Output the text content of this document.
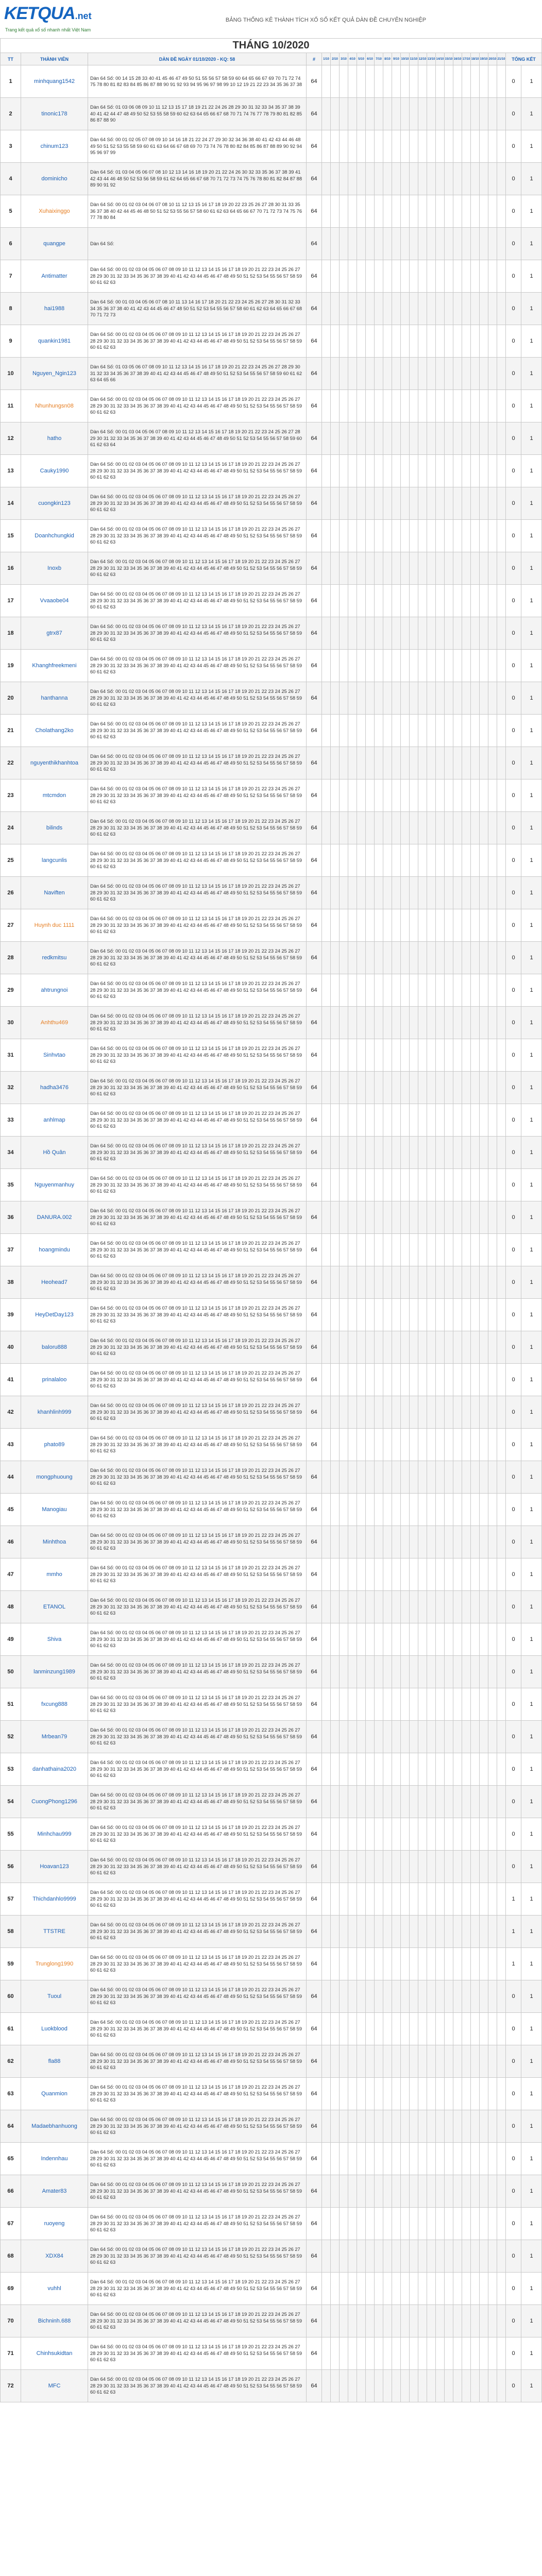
KETQUA.net
Trang kết quả xổ số nhanh nhất Việt Nam
BẢNG THỐNG KÊ THÀNH TÍCH XỔ SỐ KẾT QUẢ DÀN ĐỀ CHUYÊN NGHIỆP
THÁNG 10/2020																										
TT	THÀNH VIÊN	DÀN ĐỀ NGÀY 01/10/2020 - KQ: 58	#	1/10	2/10	3/10	4/10	5/10	6/10	7/10	8/10	9/10	10/10	11/10	12/10	13/10	14/10	15/10	16/10	17/10	18/10	19/10	20/10	21/10	TỔNG KẾT	
1	minhquang1542	Dàn 64 Số: 00 14 15 28 33 40 41 45 46 47 49 50 51 55 56 57 58 59 60 64 65 66 67 69 70 71 72 74 75 78 80 81 82 83 84 85 86 87 88 90 91 92 93 94 95 96 97 98 99 10 12 19 21 22 23 34 35 36 37 38	64																						0	1
2	tinonic178	Dàn 64 Số: 01 03 06 08 09 10 11 12 13 15 17 18 19 21 22 24 26 28 29 30 31 32 33 34 35 37 38 39 40 41 42 44 47 48 49 50 52 53 55 58 59 60 62 63 64 65 66 67 68 70 71 74 76 77 78 79 80 81 82 85 86 87 88 90	64																						0	1
3	chinum123	Dàn 64 Số: 00 01 02 05 07 08 09 10 14 16 18 21 22 24 27 29 30 32 34 36 38 40 41 42 43 44 46 48 49 50 51 52 53 55 58 59 60 61 63 64 66 67 68 69 70 73 74 76 78 80 82 84 85 86 87 88 89 90 92 94 95 96 97 99	64																						0	1
4	dominicho	Dàn 64 Số: 01 03 04 05 06 07 08 10 12 13 14 16 18 19 20 21 22 24 26 30 32 33 35 36 37 38 39 41 42 43 44 46 48 50 52 53 56 58 59 61 62 64 65 66 67 68 70 71 72 73 74 75 76 78 80 81 82 84 87 88 89 90 91 92	64																						0	1
5	Xuhaixinggo	Dàn 64 Số: 00 01 02 03 04 06 07 08 10 11 12 13 15 16 17 18 19 20 22 23 25 26 27 28 30 31 33 35 36 37 38 40 42 44 45 46 48 50 51 52 53 55 56 57 58 60 61 62 63 64 65 66 67 70 71 72 73 74 75 76 77 78 80 84	64																						0	1
6	quangpe	Dàn 64 Số:	64																						0	1
7	Antimatter	Dàn 64 Số: 00 01 02 03 04 05 06 07 08 09 10 11 12 13 14 15 16 17 18 19 20 21 22 23 24 25 26 27 28 29 30 31 32 33 34 35 36 37 38 39 40 41 42 43 44 45 46 47 48 49 50 51 52 53 54 55 56 57 58 59 60 61 62 63	64																						0	1
8	hai1988	Dàn 64 Số: 00 01 03 04 05 06 07 08 10 11 13 14 16 17 18 20 21 22 23 24 25 26 27 28 30 31 32 33 34 35 36 37 38 40 41 42 43 44 45 46 47 48 50 51 52 53 54 55 56 57 58 60 61 62 63 64 65 66 67 68 70 71 72 73	64																						0	1
9	quankin1981	Dàn 64 Số: 00 01 02 03 04 05 06 07 08 09 10 11 12 13 14 15 16 17 18 19 20 21 22 23 24 25 26 27 28 29 30 31 32 33 34 35 36 37 38 39 40 41 42 43 44 45 46 47 48 49 50 51 52 53 54 55 56 57 58 59 60 61 62 63	64																						0	1
10	Nguyen_Ngin123	Dàn 64 Số: 01 03 05 06 07 08 09 10 11 12 13 14 15 16 17 18 19 20 21 22 23 24 25 26 27 28 29 30 31 32 33 34 35 36 37 38 39 40 41 42 43 44 45 46 47 48 49 50 51 52 53 54 55 56 57 58 59 60 61 62 63 64 65 66	64																						0	1
11	Nhunhungsn08	Dàn 64 Số: 00 01 02 03 04 05 06 07 08 09 10 11 12 13 14 15 16 17 18 19 20 21 22 23 24 25 26 27 28 29 30 31 32 33 34 35 36 37 38 39 40 41 42 43 44 45 46 47 48 49 50 51 52 53 54 55 56 57 58 59 60 61 62 63	64																						0	1
12	hatho	Dàn 64 Số: 00 01 03 04 05 06 07 08 09 10 11 12 13 14 15 16 17 18 19 20 21 22 23 24 25 26 27 28 29 30 31 32 33 34 35 36 37 38 39 40 41 42 43 44 45 46 47 48 49 50 51 52 53 54 55 56 57 58 59 60 61 62 63 64	64																						0	1
13	Cauky1990	Dàn 64 Số: 00 01 02 03 04 05 06 07 08 09 10 11 12 13 14 15 16 17 18 19 20 21 22 23 24 25 26 27 28 29 30 31 32 33 34 35 36 37 38 39 40 41 42 43 44 45 46 47 48 49 50 51 52 53 54 55 56 57 58 59 60 61 62 63	64																						0	1
14	cuongkin123	Dàn 64 Số: 00 01 02 03 04 05 06 07 08 09 10 11 12 13 14 15 16 17 18 19 20 21 22 23 24 25 26 27 28 29 30 31 32 33 34 35 36 37 38 39 40 41 42 43 44 45 46 47 48 49 50 51 52 53 54 55 56 57 58 59 60 61 62 63	64																						0	1
15	Doanhchungkid	Dàn 64 Số: 00 01 02 03 04 05 06 07 08 09 10 11 12 13 14 15 16 17 18 19 20 21 22 23 24 25 26 27 28 29 30 31 32 33 34 35 36 37 38 39 40 41 42 43 44 45 46 47 48 49 50 51 52 53 54 55 56 57 58 59 60 61 62 63	64																						0	1
16	Inoxb	Dàn 64 Số: 00 01 02 03 04 05 06 07 08 09 10 11 12 13 14 15 16 17 18 19 20 21 22 23 24 25 26 27 28 29 30 31 32 33 34 35 36 37 38 39 40 41 42 43 44 45 46 47 48 49 50 51 52 53 54 55 56 57 58 59 60 61 62 63	64																						0	1
17	Vvaaobe04	Dàn 64 Số: 00 01 02 03 04 05 06 07 08 09 10 11 12 13 14 15 16 17 18 19 20 21 22 23 24 25 26 27 28 29 30 31 32 33 34 35 36 37 38 39 40 41 42 43 44 45 46 47 48 49 50 51 52 53 54 55 56 57 58 59 60 61 62 63	64																						0	1
18	gtrx87	Dàn 64 Số: 00 01 02 03 04 05 06 07 08 09 10 11 12 13 14 15 16 17 18 19 20 21 22 23 24 25 26 27 28 29 30 31 32 33 34 35 36 37 38 39 40 41 42 43 44 45 46 47 48 49 50 51 52 53 54 55 56 57 58 59 60 61 62 63	64																						0	1
19	Khanghfreekmeni	Dàn 64 Số: 00 01 02 03 04 05 06 07 08 09 10 11 12 13 14 15 16 17 18 19 20 21 22 23 24 25 26 27 28 29 30 31 32 33 34 35 36 37 38 39 40 41 42 43 44 45 46 47 48 49 50 51 52 53 54 55 56 57 58 59 60 61 62 63	64																						0	1
20	hanthanna	Dàn 64 Số: 00 01 02 03 04 05 06 07 08 09 10 11 12 13 14 15 16 17 18 19 20 21 22 23 24 25 26 27 28 29 30 31 32 33 34 35 36 37 38 39 40 41 42 43 44 45 46 47 48 49 50 51 52 53 54 55 56 57 58 59 60 61 62 63	64																						0	1
21	Cholathang2ko	Dàn 64 Số: 00 01 02 03 04 05 06 07 08 09 10 11 12 13 14 15 16 17 18 19 20 21 22 23 24 25 26 27 28 29 30 31 32 33 34 35 36 37 38 39 40 41 42 43 44 45 46 47 48 49 50 51 52 53 54 55 56 57 58 59 60 61 62 63	64																						0	1
22	nguyenthikhanhtoa	Dàn 64 Số: 00 01 02 03 04 05 06 07 08 09 10 11 12 13 14 15 16 17 18 19 20 21 22 23 24 25 26 27 28 29 30 31 32 33 34 35 36 37 38 39 40 41 42 43 44 45 46 47 48 49 50 51 52 53 54 55 56 57 58 59 60 61 62 63	64																						0	1
23	mtcmdon	Dàn 64 Số: 00 01 02 03 04 05 06 07 08 09 10 11 12 13 14 15 16 17 18 19 20 21 22 23 24 25 26 27 28 29 30 31 32 33 34 35 36 37 38 39 40 41 42 43 44 45 46 47 48 49 50 51 52 53 54 55 56 57 58 59 60 61 62 63	64																						0	1
24	bilinds	Dàn 64 Số: 00 01 02 03 04 05 06 07 08 09 10 11 12 13 14 15 16 17 18 19 20 21 22 23 24 25 26 27 28 29 30 31 32 33 34 35 36 37 38 39 40 41 42 43 44 45 46 47 48 49 50 51 52 53 54 55 56 57 58 59 60 61 62 63	64																						0	1
25	langcunlis	Dàn 64 Số: 00 01 02 03 04 05 06 07 08 09 10 11 12 13 14 15 16 17 18 19 20 21 22 23 24 25 26 27 28 29 30 31 32 33 34 35 36 37 38 39 40 41 42 43 44 45 46 47 48 49 50 51 52 53 54 55 56 57 58 59 60 61 62 63	64																						0	1
26	Naviften	Dàn 64 Số: 00 01 02 03 04 05 06 07 08 09 10 11 12 13 14 15 16 17 18 19 20 21 22 23 24 25 26 27 28 29 30 31 32 33 34 35 36 37 38 39 40 41 42 43 44 45 46 47 48 49 50 51 52 53 54 55 56 57 58 59 60 61 62 63	64																						0	1
27	Huynh duc 1111	Dàn 64 Số: 00 01 02 03 04 05 06 07 08 09 10 11 12 13 14 15 16 17 18 19 20 21 22 23 24 25 26 27 28 29 30 31 32 33 34 35 36 37 38 39 40 41 42 43 44 45 46 47 48 49 50 51 52 53 54 55 56 57 58 59 60 61 62 63	64																						0	1
28	redkmitsu	Dàn 64 Số: 00 01 02 03 04 05 06 07 08 09 10 11 12 13 14 15 16 17 18 19 20 21 22 23 24 25 26 27 28 29 30 31 32 33 34 35 36 37 38 39 40 41 42 43 44 45 46 47 48 49 50 51 52 53 54 55 56 57 58 59 60 61 62 63	64																						0	1
29	ahtrungnoi	Dàn 64 Số: 00 01 02 03 04 05 06 07 08 09 10 11 12 13 14 15 16 17 18 19 20 21 22 23 24 25 26 27 28 29 30 31 32 33 34 35 36 37 38 39 40 41 42 43 44 45 46 47 48 49 50 51 52 53 54 55 56 57 58 59 60 61 62 63	64																						0	1
30	Anhthu469	Dàn 64 Số: 00 01 02 03 04 05 06 07 08 09 10 11 12 13 14 15 16 17 18 19 20 21 22 23 24 25 26 27 28 29 30 31 32 33 34 35 36 37 38 39 40 41 42 43 44 45 46 47 48 49 50 51 52 53 54 55 56 57 58 59 60 61 62 63	64																						0	1
31	Sinhvtao	Dàn 64 Số: 00 01 02 03 04 05 06 07 08 09 10 11 12 13 14 15 16 17 18 19 20 21 22 23 24 25 26 27 28 29 30 31 32 33 34 35 36 37 38 39 40 41 42 43 44 45 46 47 48 49 50 51 52 53 54 55 56 57 58 59 60 61 62 63	64																						0	1
32	hadha3476	Dàn 64 Số: 00 01 02 03 04 05 06 07 08 09 10 11 12 13 14 15 16 17 18 19 20 21 22 23 24 25 26 27 28 29 30 31 32 33 34 35 36 37 38 39 40 41 42 43 44 45 46 47 48 49 50 51 52 53 54 55 56 57 58 59 60 61 62 63	64																						0	1
33	anhlmap	Dàn 64 Số: 00 01 02 03 04 05 06 07 08 09 10 11 12 13 14 15 16 17 18 19 20 21 22 23 24 25 26 27 28 29 30 31 32 33 34 35 36 37 38 39 40 41 42 43 44 45 46 47 48 49 50 51 52 53 54 55 56 57 58 59 60 61 62 63	64																						0	1
34	Hồ Quân	Dàn 64 Số: 00 01 02 03 04 05 06 07 08 09 10 11 12 13 14 15 16 17 18 19 20 21 22 23 24 25 26 27 28 29 30 31 32 33 34 35 36 37 38 39 40 41 42 43 44 45 46 47 48 49 50 51 52 53 54 55 56 57 58 59 60 61 62 63	64																						0	1
35	Nguyenmanhuy	Dàn 64 Số: 00 01 02 03 04 05 06 07 08 09 10 11 12 13 14 15 16 17 18 19 20 21 22 23 24 25 26 27 28 29 30 31 32 33 34 35 36 37 38 39 40 41 42 43 44 45 46 47 48 49 50 51 52 53 54 55 56 57 58 59 60 61 62 63	64																						0	1
36	DANURA.002	Dàn 64 Số: 00 01 02 03 04 05 06 07 08 09 10 11 12 13 14 15 16 17 18 19 20 21 22 23 24 25 26 27 28 29 30 31 32 33 34 35 36 37 38 39 40 41 42 43 44 45 46 47 48 49 50 51 52 53 54 55 56 57 58 59 60 61 62 63	64																						0	1
37	hoangmindu	Dàn 64 Số: 00 01 02 03 04 05 06 07 08 09 10 11 12 13 14 15 16 17 18 19 20 21 22 23 24 25 26 27 28 29 30 31 32 33 34 35 36 37 38 39 40 41 42 43 44 45 46 47 48 49 50 51 52 53 54 55 56 57 58 59 60 61 62 63	64																						0	1
38	Heohead7	Dàn 64 Số: 00 01 02 03 04 05 06 07 08 09 10 11 12 13 14 15 16 17 18 19 20 21 22 23 24 25 26 27 28 29 30 31 32 33 34 35 36 37 38 39 40 41 42 43 44 45 46 47 48 49 50 51 52 53 54 55 56 57 58 59 60 61 62 63	64																						0	1
39	HeyDetDay123	Dàn 64 Số: 00 01 02 03 04 05 06 07 08 09 10 11 12 13 14 15 16 17 18 19 20 21 22 23 24 25 26 27 28 29 30 31 32 33 34 35 36 37 38 39 40 41 42 43 44 45 46 47 48 49 50 51 52 53 54 55 56 57 58 59 60 61 62 63	64																						0	1
40	baloru888	Dàn 64 Số: 00 01 02 03 04 05 06 07 08 09 10 11 12 13 14 15 16 17 18 19 20 21 22 23 24 25 26 27 28 29 30 31 32 33 34 35 36 37 38 39 40 41 42 43 44 45 46 47 48 49 50 51 52 53 54 55 56 57 58 59 60 61 62 63	64																						0	1
41	prinalaloo	Dàn 64 Số: 00 01 02 03 04 05 06 07 08 09 10 11 12 13 14 15 16 17 18 19 20 21 22 23 24 25 26 27 28 29 30 31 32 33 34 35 36 37 38 39 40 41 42 43 44 45 46 47 48 49 50 51 52 53 54 55 56 57 58 59 60 61 62 63	64																						0	1
42	khanhlinh999	Dàn 64 Số: 00 01 02 03 04 05 06 07 08 09 10 11 12 13 14 15 16 17 18 19 20 21 22 23 24 25 26 27 28 29 30 31 32 33 34 35 36 37 38 39 40 41 42 43 44 45 46 47 48 49 50 51 52 53 54 55 56 57 58 59 60 61 62 63	64																						0	1
43	phato89	Dàn 64 Số: 00 01 02 03 04 05 06 07 08 09 10 11 12 13 14 15 16 17 18 19 20 21 22 23 24 25 26 27 28 29 30 31 32 33 34 35 36 37 38 39 40 41 42 43 44 45 46 47 48 49 50 51 52 53 54 55 56 57 58 59 60 61 62 63	64																						0	1
44	mongphuoung	Dàn 64 Số: 00 01 02 03 04 05 06 07 08 09 10 11 12 13 14 15 16 17 18 19 20 21 22 23 24 25 26 27 28 29 30 31 32 33 34 35 36 37 38 39 40 41 42 43 44 45 46 47 48 49 50 51 52 53 54 55 56 57 58 59 60 61 62 63	64																						0	1
45	Manogiau	Dàn 64 Số: 00 01 02 03 04 05 06 07 08 09 10 11 12 13 14 15 16 17 18 19 20 21 22 23 24 25 26 27 28 29 30 31 32 33 34 35 36 37 38 39 40 41 42 43 44 45 46 47 48 49 50 51 52 53 54 55 56 57 58 59 60 61 62 63	64																						0	1
46	Minhthoa	Dàn 64 Số: 00 01 02 03 04 05 06 07 08 09 10 11 12 13 14 15 16 17 18 19 20 21 22 23 24 25 26 27 28 29 30 31 32 33 34 35 36 37 38 39 40 41 42 43 44 45 46 47 48 49 50 51 52 53 54 55 56 57 58 59 60 61 62 63	64																						0	1
47	mmho	Dàn 64 Số: 00 01 02 03 04 05 06 07 08 09 10 11 12 13 14 15 16 17 18 19 20 21 22 23 24 25 26 27 28 29 30 31 32 33 34 35 36 37 38 39 40 41 42 43 44 45 46 47 48 49 50 51 52 53 54 55 56 57 58 59 60 61 62 63	64																						0	1
48	ETANOL	Dàn 64 Số: 00 01 02 03 04 05 06 07 08 09 10 11 12 13 14 15 16 17 18 19 20 21 22 23 24 25 26 27 28 29 30 31 32 33 34 35 36 37 38 39 40 41 42 43 44 45 46 47 48 49 50 51 52 53 54 55 56 57 58 59 60 61 62 63	64																						0	1
49	Shiva	Dàn 64 Số: 00 01 02 03 04 05 06 07 08 09 10 11 12 13 14 15 16 17 18 19 20 21 22 23 24 25 26 27 28 29 30 31 32 33 34 35 36 37 38 39 40 41 42 43 44 45 46 47 48 49 50 51 52 53 54 55 56 57 58 59 60 61 62 63	64																						0	1
50	lanminzung1989	Dàn 64 Số: 00 01 02 03 04 05 06 07 08 09 10 11 12 13 14 15 16 17 18 19 20 21 22 23 24 25 26 27 28 29 30 31 32 33 34 35 36 37 38 39 40 41 42 43 44 45 46 47 48 49 50 51 52 53 54 55 56 57 58 59 60 61 62 63	64																						0	1
51	fxcung888	Dàn 64 Số: 00 01 02 03 04 05 06 07 08 09 10 11 12 13 14 15 16 17 18 19 20 21 22 23 24 25 26 27 28 29 30 31 32 33 34 35 36 37 38 39 40 41 42 43 44 45 46 47 48 49 50 51 52 53 54 55 56 57 58 59 60 61 62 63	64																						0	1
52	Mrbean79	Dàn 64 Số: 00 01 02 03 04 05 06 07 08 09 10 11 12 13 14 15 16 17 18 19 20 21 22 23 24 25 26 27 28 29 30 31 32 33 34 35 36 37 38 39 40 41 42 43 44 45 46 47 48 49 50 51 52 53 54 55 56 57 58 59 60 61 62 63	64																						0	1
53	danhathaina2020	Dàn 64 Số: 00 01 02 03 04 05 06 07 08 09 10 11 12 13 14 15 16 17 18 19 20 21 22 23 24 25 26 27 28 29 30 31 32 33 34 35 36 37 38 39 40 41 42 43 44 45 46 47 48 49 50 51 52 53 54 55 56 57 58 59 60 61 62 63	64																						0	1
54	CuongPhong1296	Dàn 64 Số: 00 01 02 03 04 05 06 07 08 09 10 11 12 13 14 15 16 17 18 19 20 21 22 23 24 25 26 27 28 29 30 31 32 33 34 35 36 37 38 39 40 41 42 43 44 45 46 47 48 49 50 51 52 53 54 55 56 57 58 59 60 61 62 63	64																						0	1
55	Minhchau999	Dàn 64 Số: 00 01 02 03 04 05 06 07 08 09 10 11 12 13 14 15 16 17 18 19 20 21 22 23 24 25 26 27 28 29 30 31 32 33 34 35 36 37 38 39 40 41 42 43 44 45 46 47 48 49 50 51 52 53 54 55 56 57 58 59 60 61 62 63	64																						0	1
56	Hoavan123	Dàn 64 Số: 00 01 02 03 04 05 06 07 08 09 10 11 12 13 14 15 16 17 18 19 20 21 22 23 24 25 26 27 28 29 30 31 32 33 34 35 36 37 38 39 40 41 42 43 44 45 46 47 48 49 50 51 52 53 54 55 56 57 58 59 60 61 62 63	64																						0	1
57	Thichdanhlo9999	Dàn 64 Số: 00 01 02 03 04 05 06 07 08 09 10 11 12 13 14 15 16 17 18 19 20 21 22 23 24 25 26 27 28 29 30 31 32 33 34 35 36 37 38 39 40 41 42 43 44 45 46 47 48 49 50 51 52 53 54 55 56 57 58 59 60 61 62 63	64																						1	1
58	TTSTRE	Dàn 64 Số: 00 01 02 03 04 05 06 07 08 09 10 11 12 13 14 15 16 17 18 19 20 21 22 23 24 25 26 27 28 29 30 31 32 33 34 35 36 37 38 39 40 41 42 43 44 45 46 47 48 49 50 51 52 53 54 55 56 57 58 59 60 61 62 63	64																						1	1
59	Trunglong1990	Dàn 64 Số: 00 01 02 03 04 05 06 07 08 09 10 11 12 13 14 15 16 17 18 19 20 21 22 23 24 25 26 27 28 29 30 31 32 33 34 35 36 37 38 39 40 41 42 43 44 45 46 47 48 49 50 51 52 53 54 55 56 57 58 59 60 61 62 63	64																						1	1
60	Tuoul	Dàn 64 Số: 00 01 02 03 04 05 06 07 08 09 10 11 12 13 14 15 16 17 18 19 20 21 22 23 24 25 26 27 28 29 30 31 32 33 34 35 36 37 38 39 40 41 42 43 44 45 46 47 48 49 50 51 52 53 54 55 56 57 58 59 60 61 62 63	64																						0	1
61	Luokblood	Dàn 64 Số: 00 01 02 03 04 05 06 07 08 09 10 11 12 13 14 15 16 17 18 19 20 21 22 23 24 25 26 27 28 29 30 31 32 33 34 35 36 37 38 39 40 41 42 43 44 45 46 47 48 49 50 51 52 53 54 55 56 57 58 59 60 61 62 63	64																						0	1
62	fla88	Dàn 64 Số: 00 01 02 03 04 05 06 07 08 09 10 11 12 13 14 15 16 17 18 19 20 21 22 23 24 25 26 27 28 29 30 31 32 33 34 35 36 37 38 39 40 41 42 43 44 45 46 47 48 49 50 51 52 53 54 55 56 57 58 59 60 61 62 63	64																						0	1
63	Quanmion	Dàn 64 Số: 00 01 02 03 04 05 06 07 08 09 10 11 12 13 14 15 16 17 18 19 20 21 22 23 24 25 26 27 28 29 30 31 32 33 34 35 36 37 38 39 40 41 42 43 44 45 46 47 48 49 50 51 52 53 54 55 56 57 58 59 60 61 62 63	64																						0	1
64	Madaebhanhuong	Dàn 64 Số: 00 01 02 03 04 05 06 07 08 09 10 11 12 13 14 15 16 17 18 19 20 21 22 23 24 25 26 27 28 29 30 31 32 33 34 35 36 37 38 39 40 41 42 43 44 45 46 47 48 49 50 51 52 53 54 55 56 57 58 59 60 61 62 63	64																						0	1
65	Indennhau	Dàn 64 Số: 00 01 02 03 04 05 06 07 08 09 10 11 12 13 14 15 16 17 18 19 20 21 22 23 24 25 26 27 28 29 30 31 32 33 34 35 36 37 38 39 40 41 42 43 44 45 46 47 48 49 50 51 52 53 54 55 56 57 58 59 60 61 62 63	64																						0	1
66	Amater83	Dàn 64 Số: 00 01 02 03 04 05 06 07 08 09 10 11 12 13 14 15 16 17 18 19 20 21 22 23 24 25 26 27 28 29 30 31 32 33 34 35 36 37 38 39 40 41 42 43 44 45 46 47 48 49 50 51 52 53 54 55 56 57 58 59 60 61 62 63	64																						0	1
67	ruoyeng	Dàn 64 Số: 00 01 02 03 04 05 06 07 08 09 10 11 12 13 14 15 16 17 18 19 20 21 22 23 24 25 26 27 28 29 30 31 32 33 34 35 36 37 38 39 40 41 42 43 44 45 46 47 48 49 50 51 52 53 54 55 56 57 58 59 60 61 62 63	64																						0	1
68	XDX84	Dàn 64 Số: 00 01 02 03 04 05 06 07 08 09 10 11 12 13 14 15 16 17 18 19 20 21 22 23 24 25 26 27 28 29 30 31 32 33 34 35 36 37 38 39 40 41 42 43 44 45 46 47 48 49 50 51 52 53 54 55 56 57 58 59 60 61 62 63	64																						0	1
69	vuhhl	Dàn 64 Số: 00 01 02 03 04 05 06 07 08 09 10 11 12 13 14 15 16 17 18 19 20 21 22 23 24 25 26 27 28 29 30 31 32 33 34 35 36 37 38 39 40 41 42 43 44 45 46 47 48 49 50 51 52 53 54 55 56 57 58 59 60 61 62 63	64																						0	1
70	Bichninh.688	Dàn 64 Số: 00 01 02 03 04 05 06 07 08 09 10 11 12 13 14 15 16 17 18 19 20 21 22 23 24 25 26 27 28 29 30 31 32 33 34 35 36 37 38 39 40 41 42 43 44 45 46 47 48 49 50 51 52 53 54 55 56 57 58 59 60 61 62 63	64																						0	1
71	Chinhsukidtan	Dàn 64 Số: 00 01 02 03 04 05 06 07 08 09 10 11 12 13 14 15 16 17 18 19 20 21 22 23 24 25 26 27 28 29 30 31 32 33 34 35 36 37 38 39 40 41 42 43 44 45 46 47 48 49 50 51 52 53 54 55 56 57 58 59 60 61 62 63	64																						0	1
72	MFC	Dàn 64 Số: 00 01 02 03 04 05 06 07 08 09 10 11 12 13 14 15 16 17 18 19 20 21 22 23 24 25 26 27 28 29 30 31 32 33 34 35 36 37 38 39 40 41 42 43 44 45 46 47 48 49 50 51 52 53 54 55 56 57 58 59 60 61 62 63	64																						0	1
